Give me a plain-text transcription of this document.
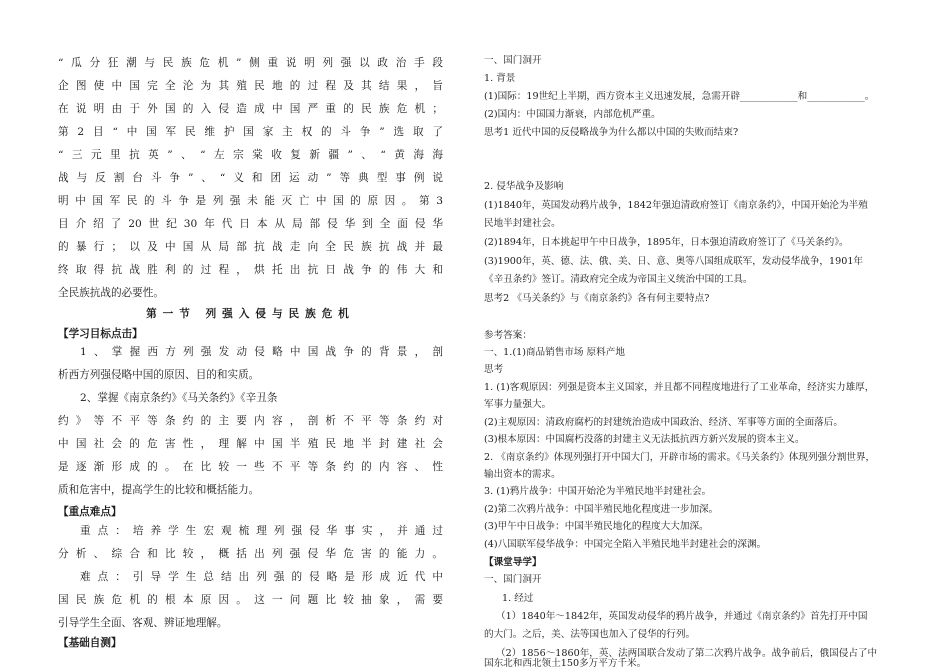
“瓜分狂潮与民族危机”侧重说明列强以政治手段
企图使中国完全沦为其殖民地的过程及其结果，旨
在说明由于外国的入侵造成中国严重的民族危机；
第2目“中国军民维护国家主权的斗争”选取了
“三元里抗英”、“左宗棠收复新疆”、“黄海海
战与反割台斗争”、“义和团运动”等典型事例说
明中国军民的斗争是列强未能灭亡中国的原因。第3
目介绍了20世纪30年代日本从局部侵华到全面侵华
的暴行；以及中国从局部抗战走向全民族抗战并最
终取得抗战胜利的过程，烘托出抗日战争的伟大和
全民族抗战的必要性。
第一节 列强入侵与民族危机
【学习目标点击】
1、掌握西方列强发动侵略中国战争的背景，剖
析西方列强侵略中国的原因、目的和实质。
2、掌握《南京条约》《马关条约》《辛丑条
约》等不平等条约的主要内容，剖析不平等条约对
中国社会的危害性，理解中国半殖民地半封建社会
是逐渐形成的。在比较一些不平等条约的内容、性
质和危害中，提高学生的比较和概括能力。
【重点难点】
重点：培养学生宏观梳理列强侵华事实，并通过
分析、综合和比较，概括出列强侵华危害的能力。
难点：引导学生总结出列强的侵略是形成近代中
国民族危机的根本原因。这一问题比较抽象，需要
引导学生全面、客观、辨证地理解。
【基础自测】
一、国门洞开
1. 背景
(1)国际：19世纪上半期，西方资本主义迅速发展，急需开辟____________和____________。
(2)国内：中国国力渐衰，内部危机严重。
思考1 近代中国的反侵略战争为什么都以中国的失败而结束?
2. 侵华战争及影响
(1)1840年，英国发动鸦片战争，1842年强迫清政府签订《南京条约》，中国开始沦为半殖
民地半封建社会。
(2)1894年，日本挑起甲午中日战争，1895年，日本强迫清政府签订了《马关条约》。
(3)1900年，英、德、法、俄、美、日、意、奥等八国组成联军，发动侵华战争，1901年
《辛丑条约》签订。清政府完全成为帝国主义统治中国的工具。
思考2 《马关条约》与《南京条约》各有何主要特点?
参考答案：
一、1.(1)商品销售市场 原料产地
思考
1. (1)客观原因：列强是资本主义国家，并且都不同程度地进行了工业革命，经济实力雄厚，
军事力量强大。
(2)主观原因：清政府腐朽的封建统治造成中国政治、经济、军事等方面的全面落后。
(3)根本原因：中国腐朽没落的封建主义无法抵抗西方新兴发展的资本主义。
2. 《南京条约》体现列强打开中国大门，开辟市场的需求。《马关条约》体现列强分割世界，
输出资本的需求。
3. (1)鸦片战争：中国开始沦为半殖民地半封建社会。
(2)第二次鸦片战争：中国半殖民地化程度进一步加深。
(3)甲午中日战争：中国半殖民地化的程度大大加深。
(4)八国联军侵华战争：中国完全陷入半殖民地半封建社会的深渊。
【课堂导学】
一、国门洞开
1. 经过
（1）1840年～1842年，英国发动侵华的鸦片战争，并通过《南京条约》首先打开中国
的大门。之后，美、法等国也加入了侵华的行列。
（2）1856～1860年，英、法两国联合发动了第二次鸦片战争。战争前后，俄国侵占了中
国东北和西北领土150多万平方千米。
